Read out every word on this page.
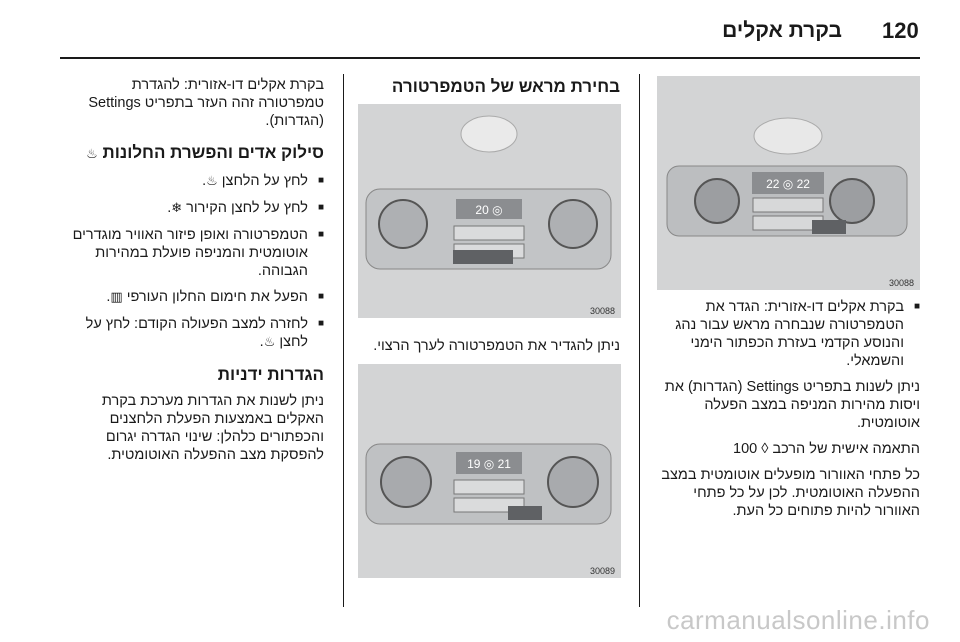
120
בקרת אקלים
22 ◎ 22
30088

■ בקרת אקלים דו-אזורית: הגדר את הטמפרטורה שנבחרה מראש עבור נהג והנוסע הקדמי בעזרת הכפתור הימני והשמאלי.

ניתן לשנות בתפריט Settings (הגדרות) את ויסות מהירות המניפה במצב הפעלה אוטומטית.

התאמה אישית של הרכב ◊ 100

כל פתחי האוורור מופעלים אוטומטית במצב ההפעלה האוטומטית. לכן על כל פתחי האוורור להיות פתוחים כל העת.

בחירת מראש של הטמפרטורה

20 ◎
30088

ניתן להגדיר את הטמפרטורה לערך הרצוי.

19 ◎ 21
30089

בקרת אקלים דו-אזורית: להגדרת טמפרטורה זהה העזר בתפריט Settings (הגדרות).

סילוק אדים והפשרת החלונות ♨

■ לחץ על הלחצן ♨.

■ לחץ על לחצן הקירור ❄.

■ הטמפרטורה ואופן פיזור האוויר מוגדרים אוטומטית והמניפה פועלת במהירות הגבוהה.

■ הפעל את חימום החלון העורפי ▥.

■ לחזרה למצב הפעולה הקודם: לחץ על לחצן ♨.

הגדרות ידניות

ניתן לשנות את הגדרות מערכת בקרת האקלים באמצעות הפעלת הלחצנים והכפתורים כלהלן: שינוי הגדרה יגרום להפסקת מצב ההפעלה האוטומטית.

carmanualsonline.info
